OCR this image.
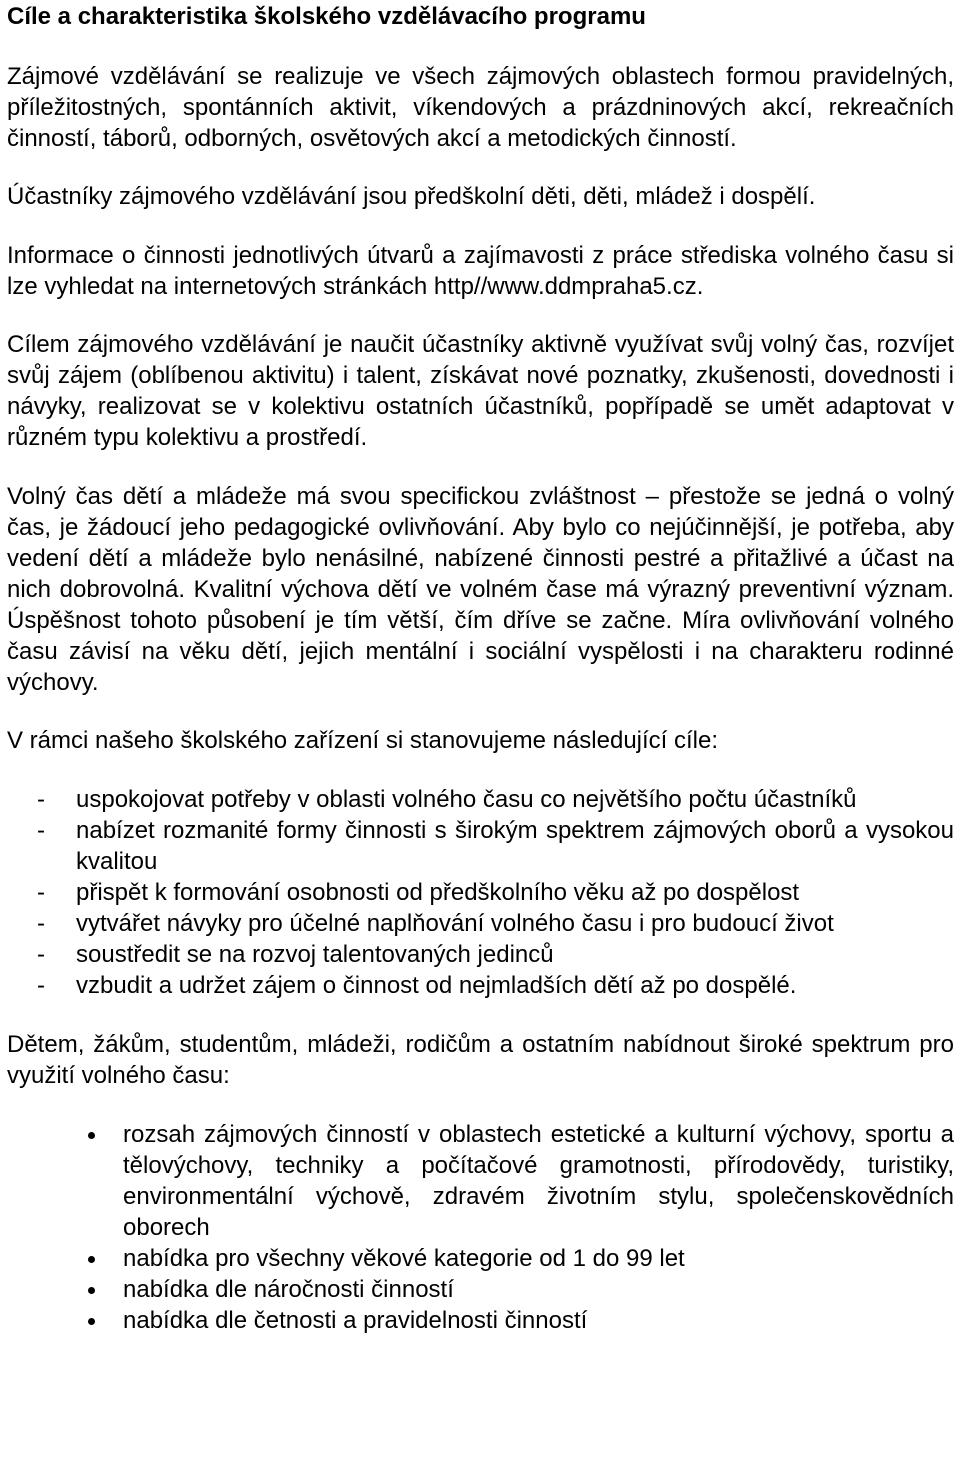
Cíle a charakteristika školského vzdělávacího programu

Zájmové vzdělávání se realizuje ve všech zájmových oblastech formou pravidelných, příležitostných, spontánních aktivit, víkendových a prázdninových akcí, rekreačních činností, táborů, odborných, osvětových akcí a metodických činností.

Účastníky zájmového vzdělávání jsou předškolní děti, děti, mládež i dospělí.

Informace o činnosti jednotlivých útvarů a zajímavosti z práce střediska volného času si lze vyhledat na internetových stránkách http//www.ddmpraha5.cz.

Cílem zájmového vzdělávání je naučit účastníky aktivně využívat svůj volný čas, rozvíjet svůj zájem (oblíbenou aktivitu) i talent, získávat nové poznatky, zkušenosti, dovednosti i návyky, realizovat se v kolektivu ostatních účastníků, popřípadě se umět adaptovat v různém typu kolektivu a prostředí.

Volný čas dětí a mládeže má svou specifickou zvláštnost – přestože se jedná o volný čas, je žádoucí jeho pedagogické ovlivňování. Aby bylo co nejúčinnější, je potřeba, aby vedení dětí a mládeže bylo nenásilné, nabízené činnosti pestré a přitažlivé a účast na nich dobrovolná. Kvalitní výchova dětí ve volném čase má výrazný preventivní význam. Úspěšnost tohoto působení je tím větší, čím dříve se začne. Míra ovlivňování volného času závisí na věku dětí, jejich mentální i sociální vyspělosti i na charakteru rodinné výchovy.

V rámci našeho školského zařízení si stanovujeme následující cíle:

- uspokojovat potřeby v oblasti volného času co největšího počtu účastníků
- nabízet rozmanité formy činnosti s širokým spektrem zájmových oborů a vysokou kvalitou
- přispět k formování osobnosti od předškolního věku až po dospělost
- vytvářet návyky pro účelné naplňování volného času i pro budoucí život
- soustředit se na rozvoj talentovaných jedinců
- vzbudit a udržet zájem o činnost od nejmladších dětí až po dospělé.

Dětem, žákům, studentům, mládeži, rodičům a ostatním nabídnout široké spektrum pro využití volného času:

rozsah zájmových činností v oblastech estetické a kulturní výchovy, sportu a tělovýchovy, techniky a počítačové gramotnosti, přírodovědy, turistiky, environmentální výchově, zdravém životním stylu, společenskovědních oborech
nabídka pro všechny věkové kategorie od 1 do 99 let
nabídka dle náročnosti činností
nabídka dle četnosti a pravidelnosti činností
